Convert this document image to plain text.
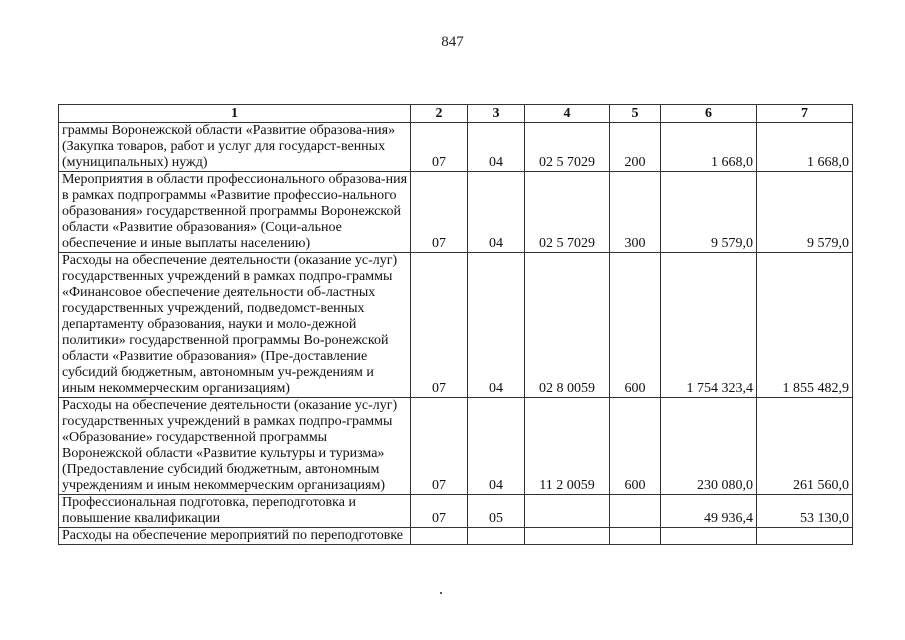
847
1	2	3	4	5	6	7
граммы Воронежской области «Развитие образова-ния» (Закупка товаров, работ и услуг для государст-венных (муниципальных) нужд)	07	04	02 5 7029	200	1 668,0	1 668,0
Мероприятия в области профессионального образова-ния в рамках подпрограммы «Развитие профессио-нального образования» государственной программы Воронежской области «Развитие образования» (Соци-альное обеспечение и иные выплаты населению)	07	04	02 5 7029	300	9 579,0	9 579,0
Расходы на обеспечение деятельности (оказание ус-луг) государственных учреждений в рамках подпро-граммы «Финансовое обеспечение деятельности об-ластных государственных учреждений, подведомст-венных департаменту образования, науки и моло-дежной политики» государственной программы Во-ронежской области «Развитие образования» (Пре-доставление субсидий бюджетным, автономным уч-реждениям и иным некоммерческим организациям)	07	04	02 8 0059	600	1 754 323,4	1 855 482,9
Расходы на обеспечение деятельности (оказание ус-луг) государственных учреждений в рамках подпро-граммы «Образование» государственной программы Воронежской области «Развитие культуры и туризма» (Предоставление субсидий бюджетным, автономным учреждениям и иным некоммерческим организациям)	07	04	11 2 0059	600	230 080,0	261 560,0
Профессиональная подготовка, переподготовка и повышение квалификации	07	05			49 936,4	53 130,0
Расходы на обеспечение мероприятий по переподготовке						
